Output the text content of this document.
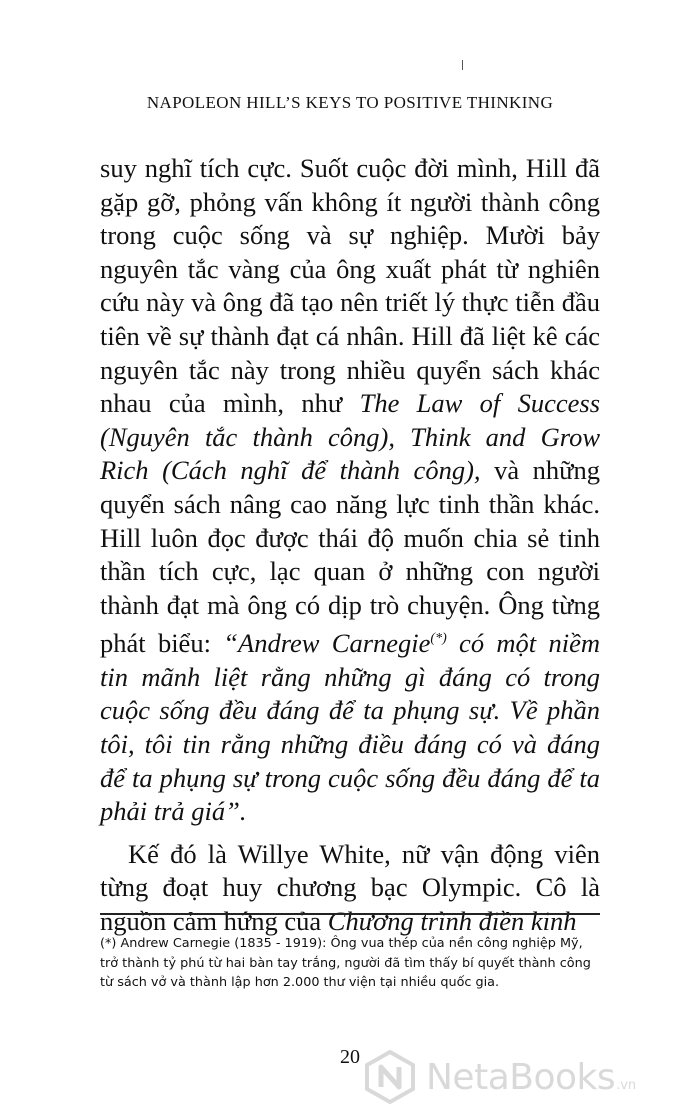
NAPOLEON HILL’S KEYS TO POSITIVE THINKING

suy nghĩ tích cực. Suốt cuộc đời mình, Hill đã gặp gỡ, phỏng vấn không ít người thành công trong cuộc sống và sự nghiệp. Mười bảy nguyên tắc vàng của ông xuất phát từ nghiên cứu này và ông đã tạo nên triết lý thực tiễn đầu tiên về sự thành đạt cá nhân. Hill đã liệt kê các nguyên tắc này trong nhiều quyển sách khác nhau của mình, như The Law of Success (Nguyên tắc thành công), Think and Grow Rich (Cách nghĩ để thành công), và những quyển sách nâng cao năng lực tinh thần khác. Hill luôn đọc được thái độ muốn chia sẻ tinh thần tích cực, lạc quan ở những con người thành đạt mà ông có dịp trò chuyện. Ông từng phát biểu: “Andrew Carnegie(*) có một niềm tin mãnh liệt rằng những gì đáng có trong cuộc sống đều đáng để ta phụng sự. Về phần tôi, tôi tin rằng những điều đáng có và đáng để ta phụng sự trong cuộc sống đều đáng để ta phải trả giá”.

Kế đó là Willye White, nữ vận động viên từng đoạt huy chương bạc Olympic. Cô là nguồn cảm hứng của Chương trình điền kinh

(*) Andrew Carnegie (1835 - 1919): Ông vua thép của nền công nghiệp Mỹ, trở thành tỷ phú từ hai bàn tay trắng, người đã tìm thấy bí quyết thành công từ sách vở và thành lập hơn 2.000 thư viện tại nhiều quốc gia.

20	NetaBooks .vn
